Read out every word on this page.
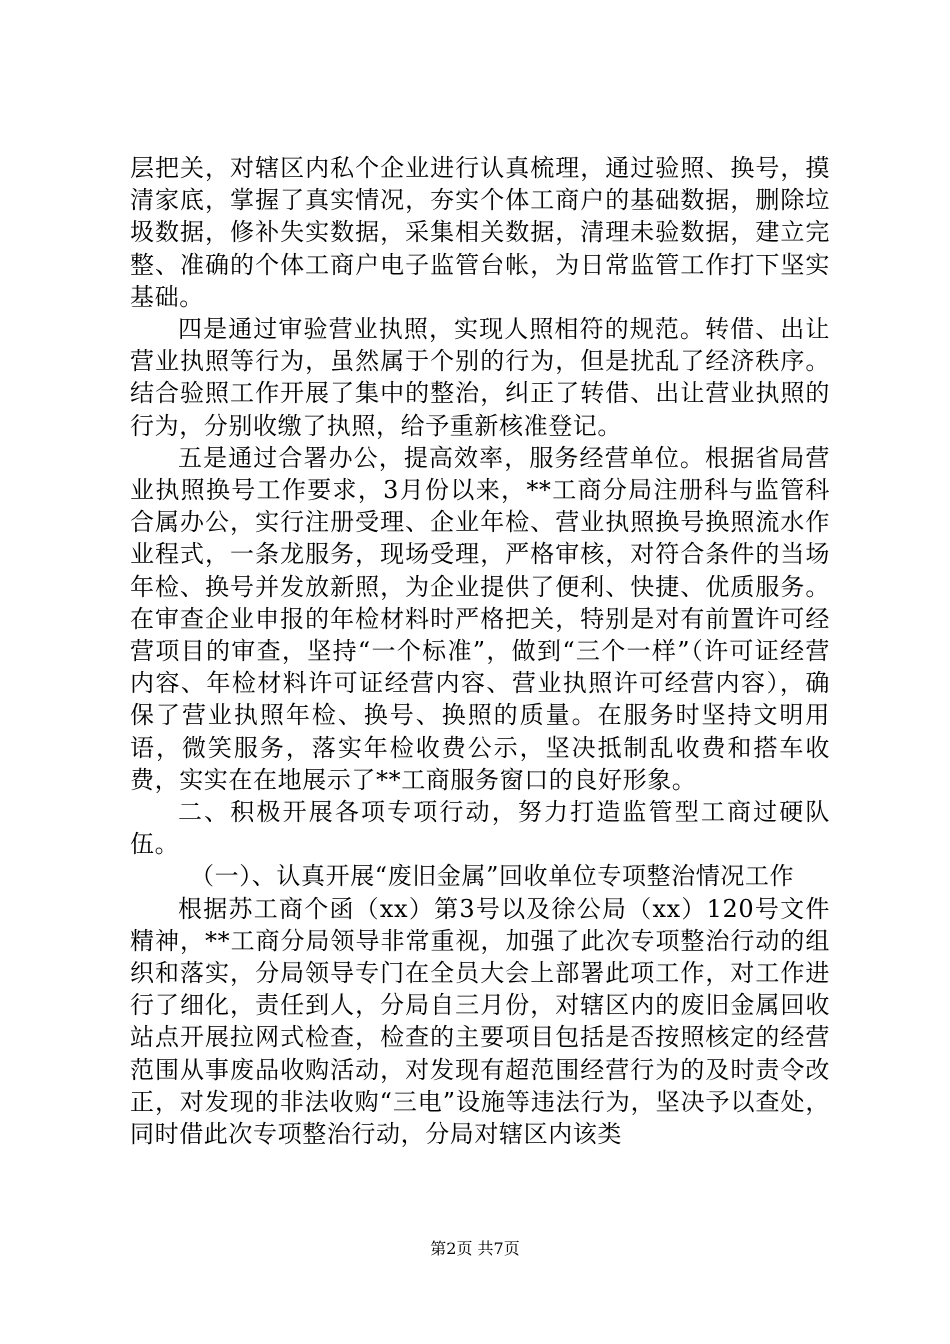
层把关，对辖区内私个企业进行认真梳理，通过验照、换号，摸清家底，掌握了真实情况，夯实个体工商户的基础数据，删除垃圾数据，修补失实数据，采集相关数据，清理未验数据，建立完整、准确的个体工商户电子监管台帐，为日常监管工作打下坚实基础。

四是通过审验营业执照，实现人照相符的规范。转借、出让营业执照等行为，虽然属于个别的行为，但是扰乱了经济秩序。结合验照工作开展了集中的整治，纠正了转借、出让营业执照的行为，分别收缴了执照，给予重新核准登记。

五是通过合署办公，提高效率，服务经营单位。根据省局营业执照换号工作要求，3月份以来，**工商分局注册科与监管科合属办公，实行注册受理、企业年检、营业执照换号换照流水作业程式，一条龙服务，现场受理，严格审核，对符合条件的当场年检、换号并发放新照，为企业提供了便利、快捷、优质服务。在审查企业申报的年检材料时严格把关，特别是对有前置许可经营项目的审查，坚持“一个标准”，做到“三个一样”（许可证经营内容、年检材料许可证经营内容、营业执照许可经营内容），确保了营业执照年检、换号、换照的质量。在服务时坚持文明用语，微笑服务，落实年检收费公示，坚决抵制乱收费和搭车收费，实实在在地展示了**工商服务窗口的良好形象。

二、积极开展各项专项行动，努力打造监管型工商过硬队伍。

（一）、认真开展“废旧金属”回收单位专项整治情况工作

根据苏工商个函（xx）第3号以及徐公局（xx）120号文件精神，**工商分局领导非常重视，加强了此次专项整治行动的组织和落实，分局领导专门在全员大会上部署此项工作，对工作进行了细化，责任到人，分局自三月份，对辖区内的废旧金属回收站点开展拉网式检查，检查的主要项目包括是否按照核定的经营范围从事废品收购活动，对发现有超范围经营行为的及时责令改正，对发现的非法收购“三电”设施等违法行为，坚决予以查处，同时借此次专项整治行动，分局对辖区内该类

第2页 共7页
